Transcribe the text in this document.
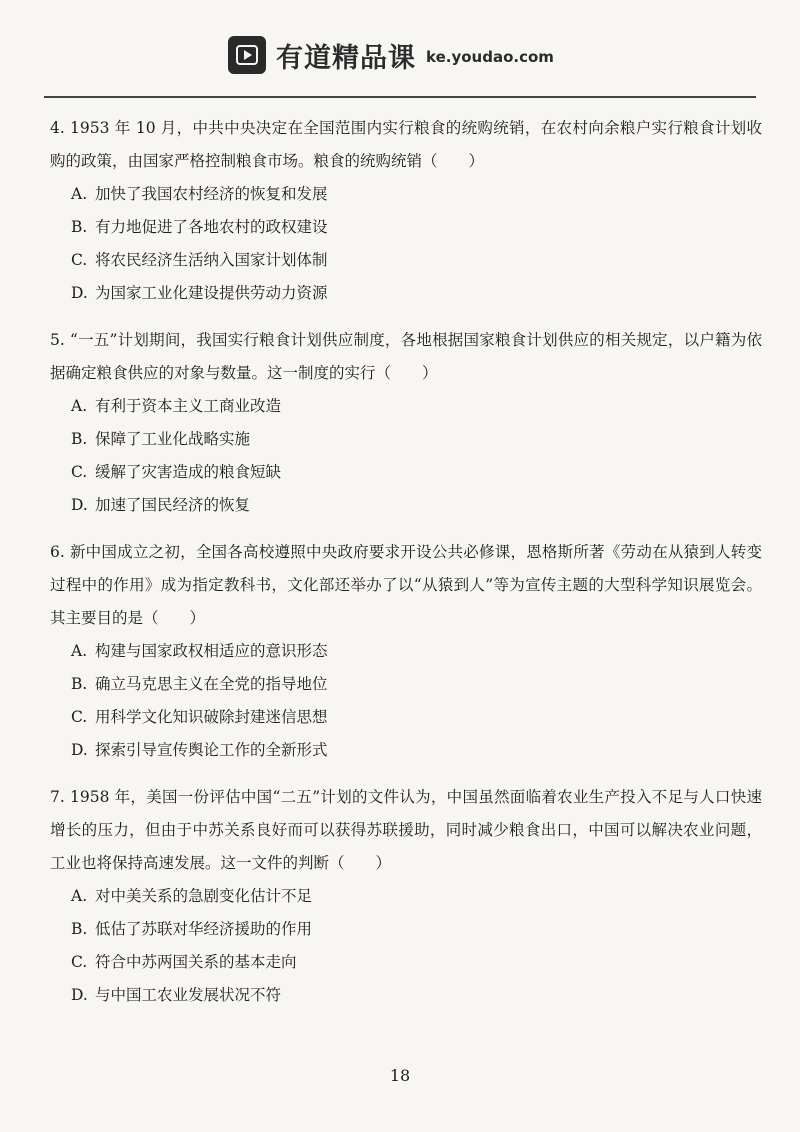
有道精品课 ke.youdao.com

4. 1953 年 10 月，中共中央决定在全国范围内实行粮食的统购统销，在农村向余粮户实行粮食计划收购的政策，由国家严格控制粮食市场。粮食的统购统销（　　）

A. 加快了我国农村经济的恢复和发展

B. 有力地促进了各地农村的政权建设

C. 将农民经济生活纳入国家计划体制

D. 为国家工业化建设提供劳动力资源

5. “一五”计划期间，我国实行粮食计划供应制度，各地根据国家粮食计划供应的相关规定，以户籍为依据确定粮食供应的对象与数量。这一制度的实行（　　）

A. 有利于资本主义工商业改造

B. 保障了工业化战略实施

C. 缓解了灾害造成的粮食短缺

D. 加速了国民经济的恢复

6. 新中国成立之初，全国各高校遵照中央政府要求开设公共必修课，恩格斯所著《劳动在从猿到人转变过程中的作用》成为指定教科书，文化部还举办了以“从猿到人”等为宣传主题的大型科学知识展览会。其主要目的是（　　）

A. 构建与国家政权相适应的意识形态

B. 确立马克思主义在全党的指导地位

C. 用科学文化知识破除封建迷信思想

D. 探索引导宣传舆论工作的全新形式

7. 1958 年，美国一份评估中国“二五”计划的文件认为，中国虽然面临着农业生产投入不足与人口快速增长的压力，但由于中苏关系良好而可以获得苏联援助，同时减少粮食出口，中国可以解决农业问题，工业也将保持高速发展。这一文件的判断（　　）

A. 对中美关系的急剧变化估计不足

B. 低估了苏联对华经济援助的作用

C. 符合中苏两国关系的基本走向

D. 与中国工农业发展状况不符

18
